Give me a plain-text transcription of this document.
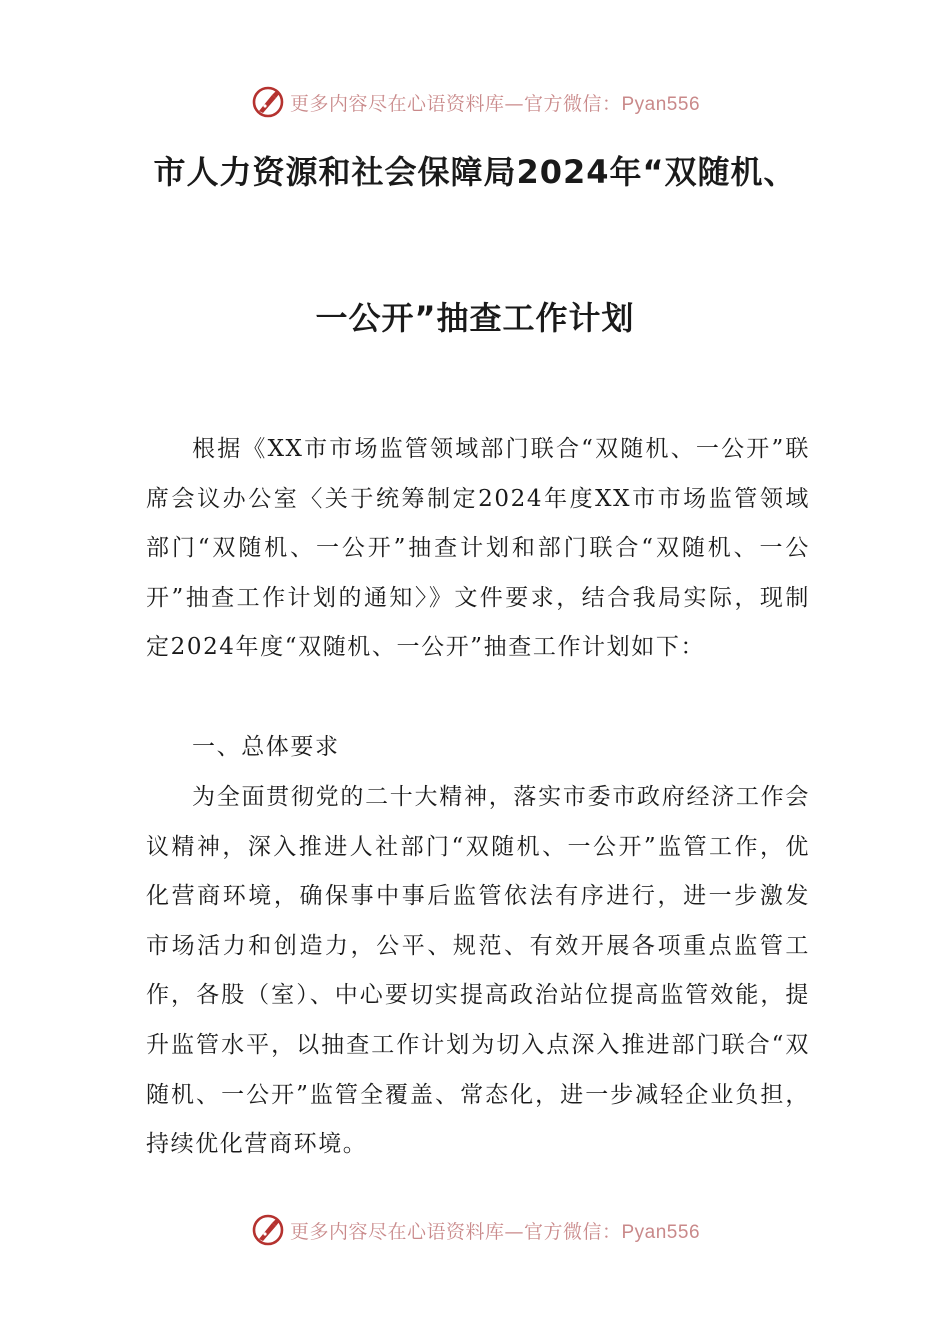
更多内容尽在心语资料库—官方微信：Pyan556
市人力资源和社会保障局2024年“双随机、
一公开”抽查工作计划

根据《XX市市场监管领域部门联合“双随机、一公开”联席会议办公室〈关于统筹制定2024年度XX市市场监管领域部门“双随机、一公开”抽查计划和部门联合“双随机、一公开”抽查工作计划的通知〉》文件要求，结合我局实际，现制定2024年度“双随机、一公开”抽查工作计划如下：

一、总体要求

为全面贯彻党的二十大精神，落实市委市政府经济工作会议精神，深入推进人社部门“双随机、一公开”监管工作，优化营商环境，确保事中事后监管依法有序进行，进一步激发市场活力和创造力，公平、规范、有效开展各项重点监管工作，各股（室）、中心要切实提高政治站位提高监管效能，提升监管水平，以抽查工作计划为切入点深入推进部门联合“双随机、一公开”监管全覆盖、常态化，进一步减轻企业负担，持续优化营商环境。

更多内容尽在心语资料库—官方微信：Pyan556
